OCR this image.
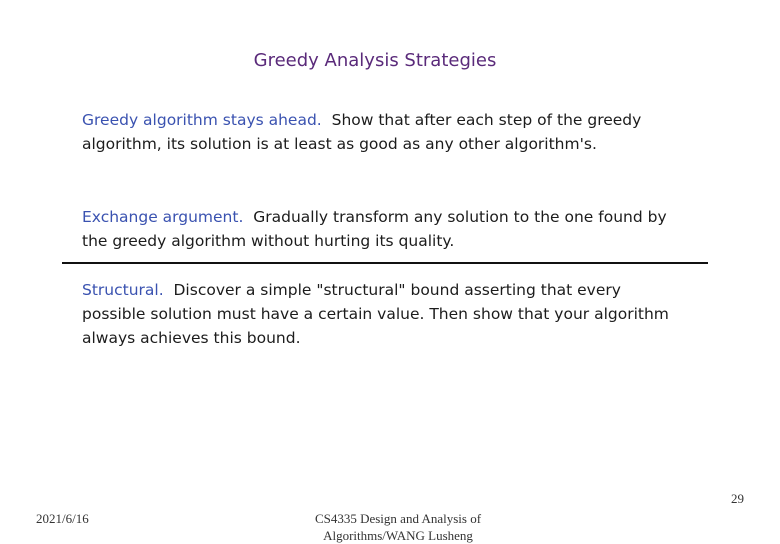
Greedy Analysis Strategies
Greedy algorithm stays ahead. Show that after each step of the greedy algorithm, its solution is at least as good as any other algorithm's.
Exchange argument. Gradually transform any solution to the one found by the greedy algorithm without hurting its quality.
Structural. Discover a simple "structural" bound asserting that every possible solution must have a certain value. Then show that your algorithm always achieves this bound.
29
2021/6/16	CS4335 Design and Analysis of
Algorithms/WANG Lusheng
